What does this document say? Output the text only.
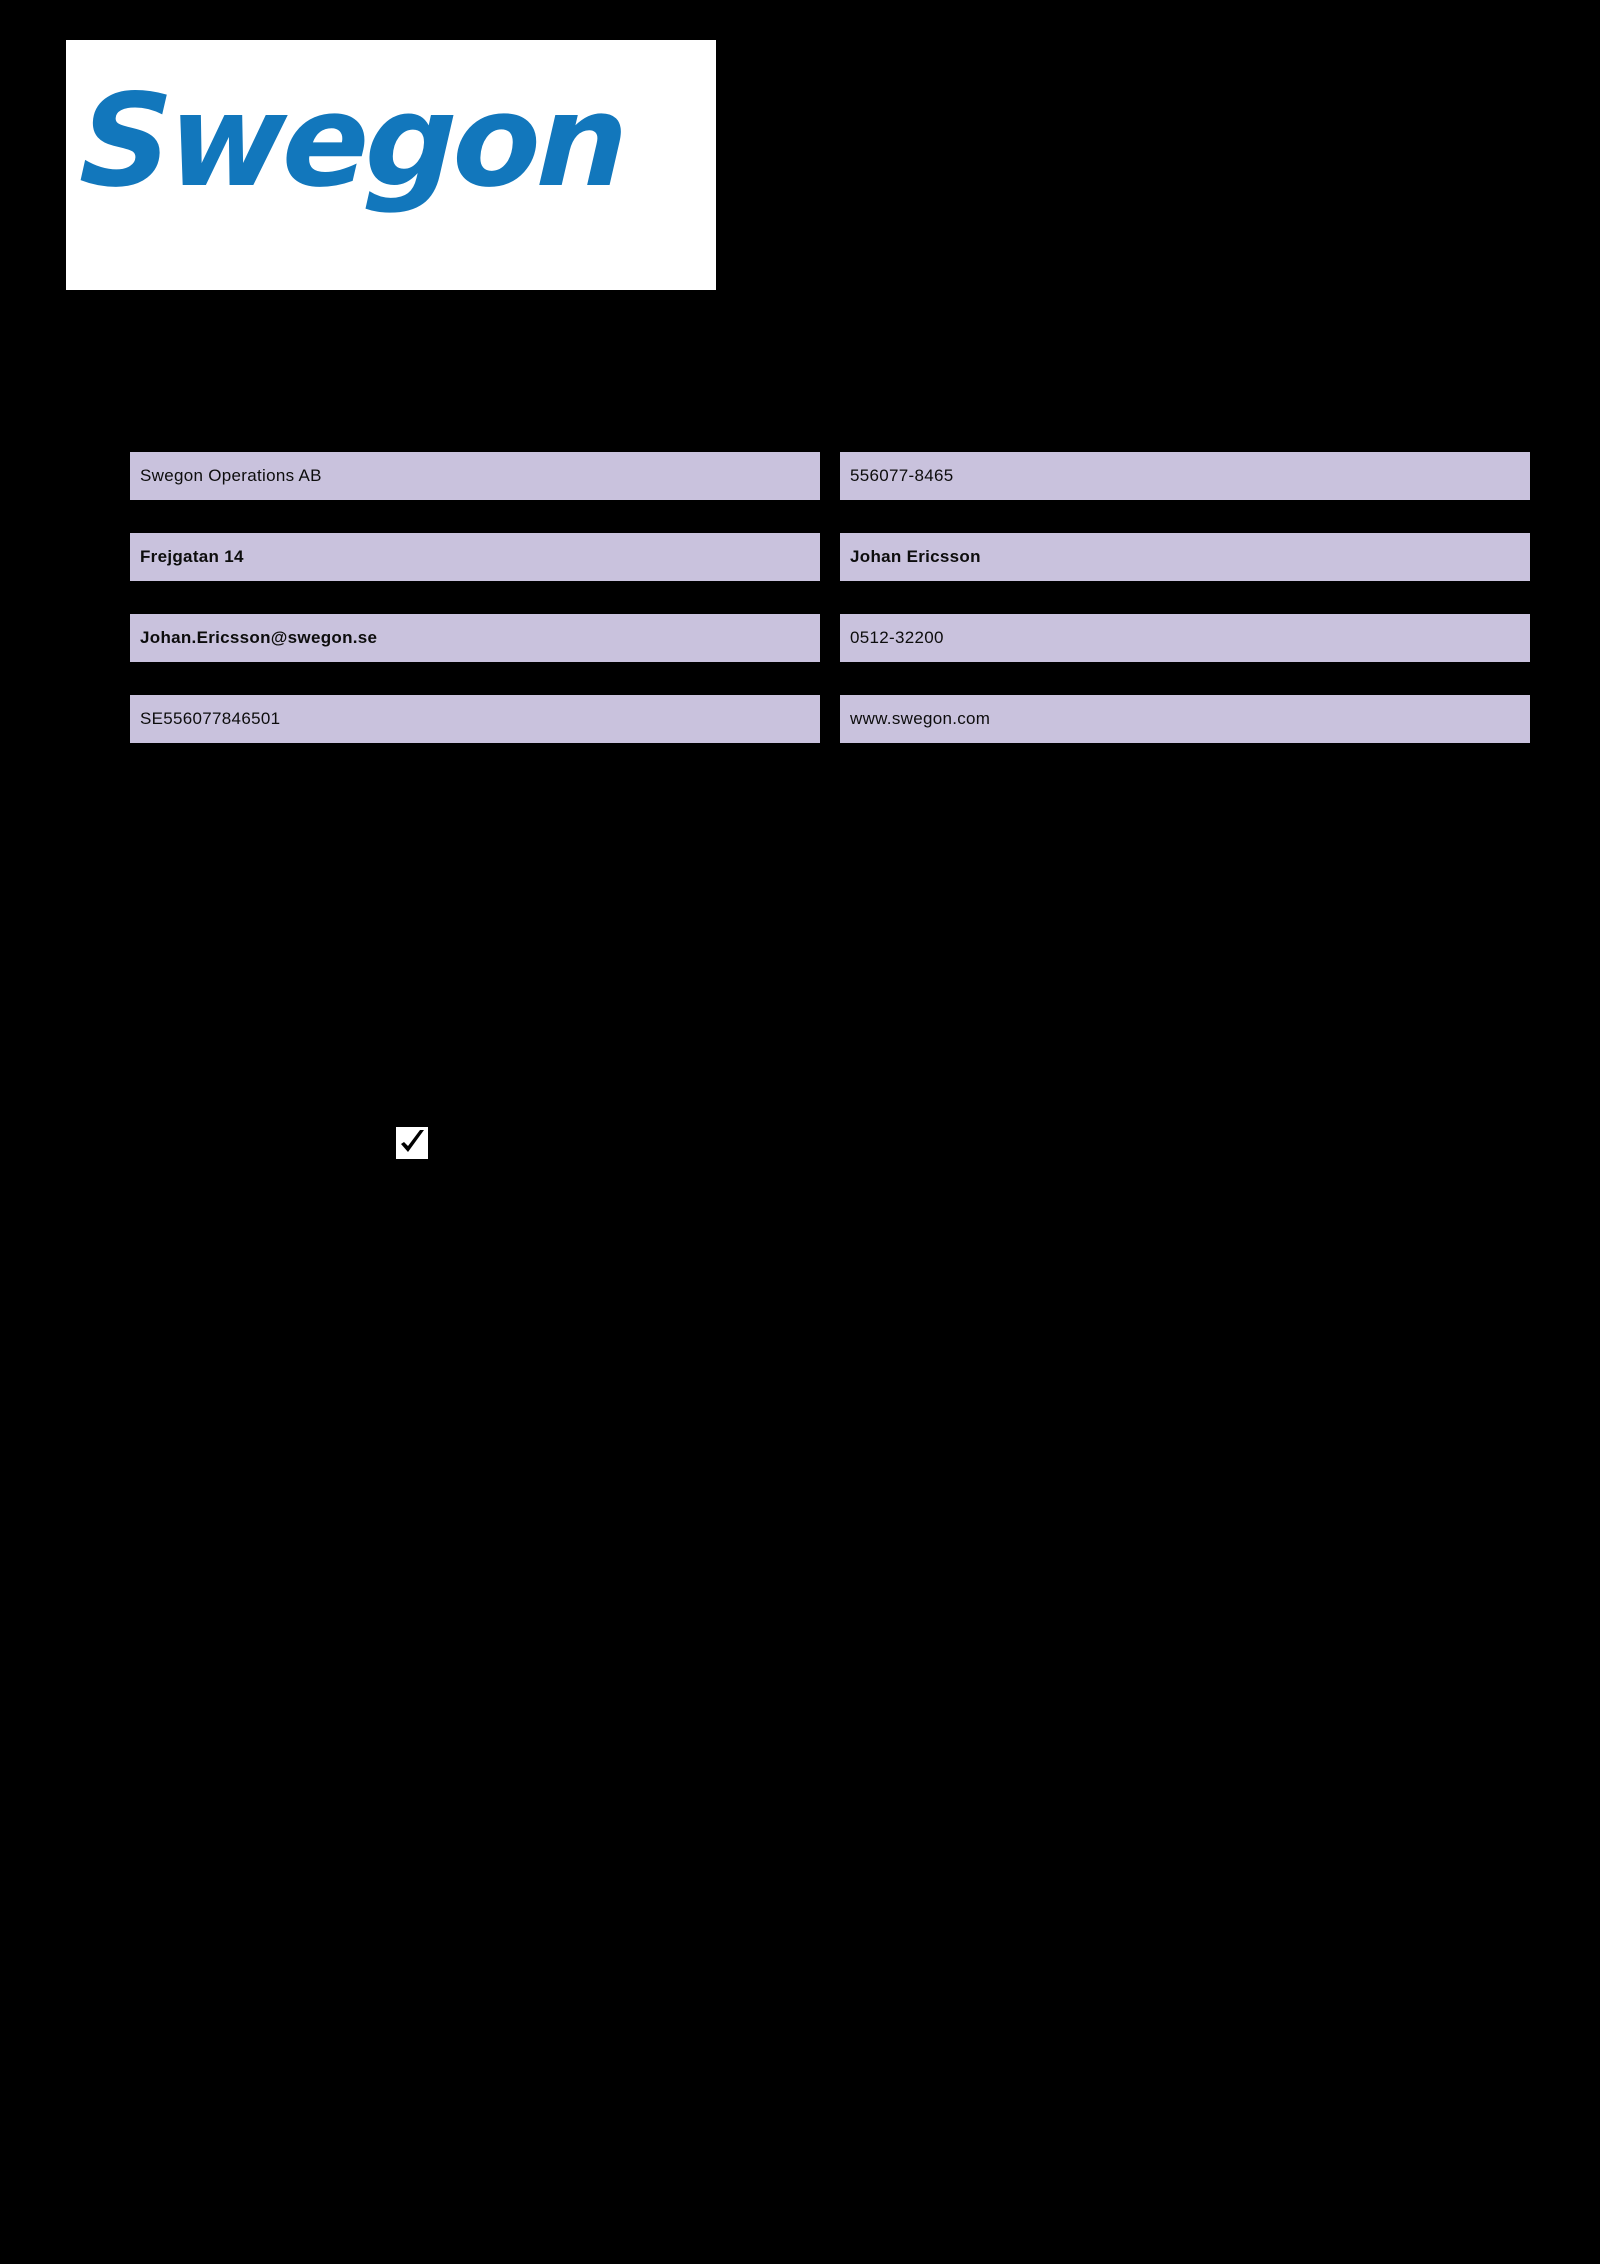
Swegon
Swegon Operations AB	556077-8465
Frejgatan 14	Johan Ericsson
Johan.Ericsson@swegon.se	0512-32200
SE556077846501	www.swegon.com
